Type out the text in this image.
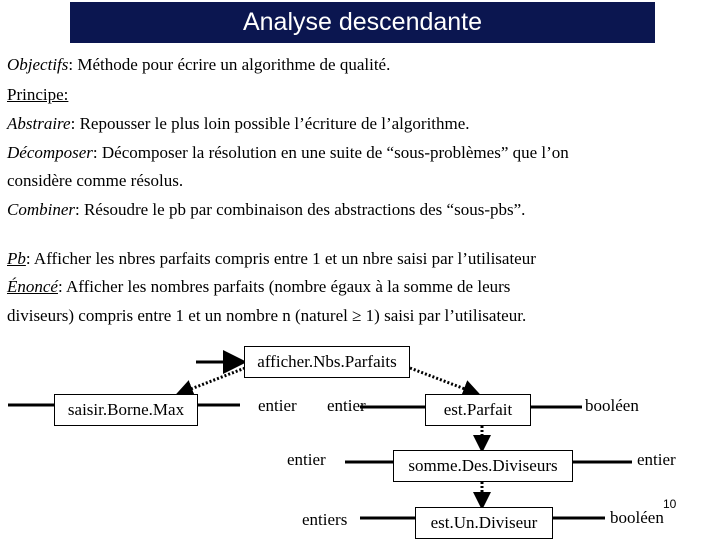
Analyse descendante
Objectifs: Méthode pour écrire un algorithme de qualité.
Principe:
Abstraire: Repousser le plus loin possible l’écriture de l’algorithme.
Décomposer: Décomposer la résolution en une suite de “sous-problèmes” que l’on
considère comme résolus.
Combiner: Résoudre le pb par combinaison des abstractions des “sous-pbs”.
Pb: Afficher les nbres parfaits compris entre 1 et un nbre saisi par l’utilisateur
Énoncé: Afficher les nombres parfaits (nombre égaux à la somme de leurs
diviseurs) compris entre 1 et un nombre n (naturel ≥ 1) saisi par l’utilisateur.
afficher.Nbs.Parfaits
saisir.Borne.Max	est.Parfait
somme.Des.Diviseurs
est.Un.Diviseur
entier entier	booléen
entier	entier
entiers	booléen
10
